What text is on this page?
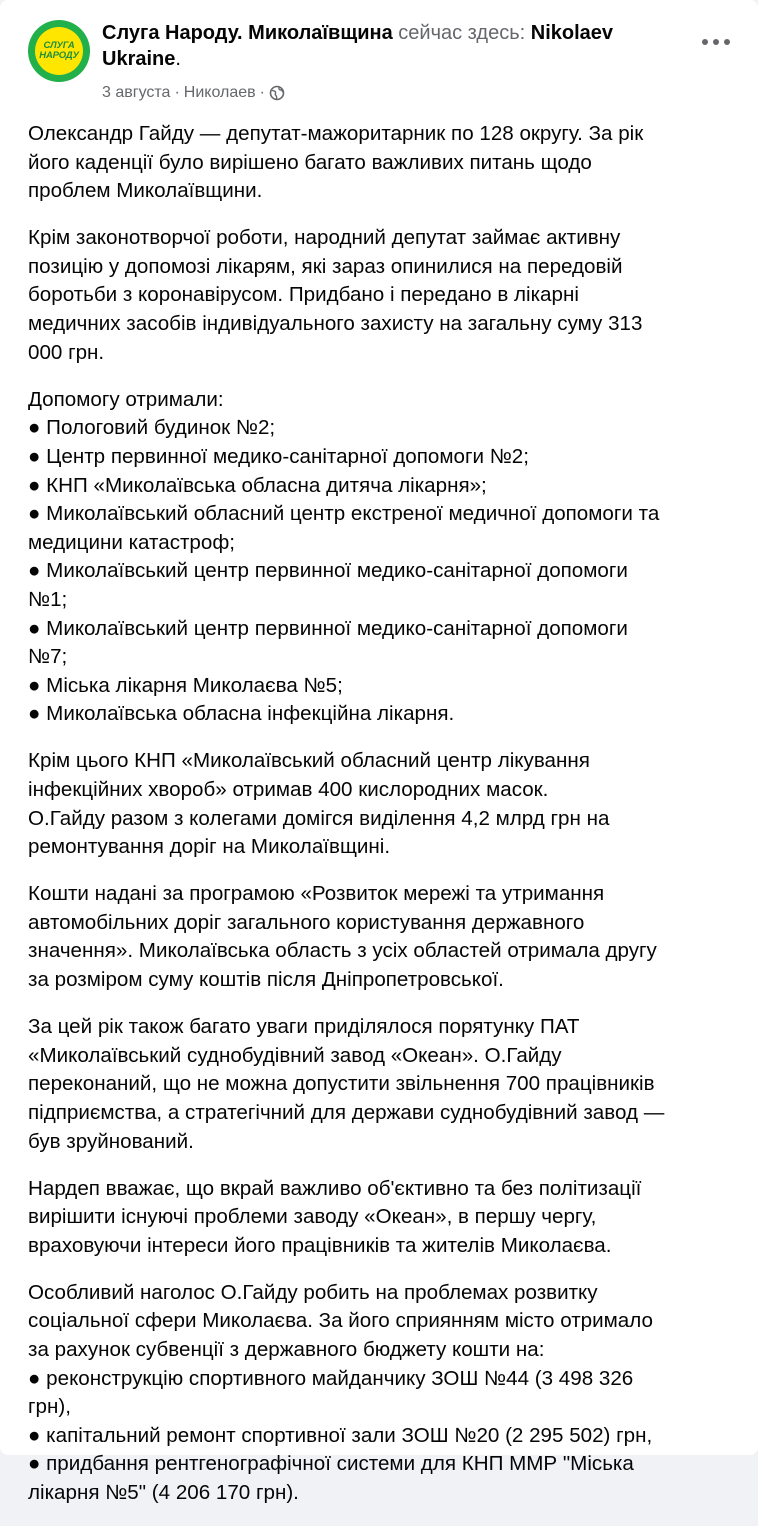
СЛУГА
НАРОДУ
Слуга Народу. Миколаївщина сейчас здесь: Nikolaev
Ukraine.
3 августа · Николаев ·
Олександр Гайду — депутат-мажоритарник по 128 округу. За рік
його каденції було вирішено багато важливих питань щодо
проблем Миколаївщини.
Крім законотворчої роботи, народний депутат займає активну
позицію у допомозі лікарям, які зараз опинилися на передовій
боротьби з коронавірусом. Придбано і передано в лікарні
медичних засобів індивідуального захисту на загальну суму 313
000 грн.
Допомогу отримали:
● Пологовий будинок №2;
● Центр первинної медико-санітарної допомоги №2;
● КНП «Миколаївська обласна дитяча лікарня»;
● Миколаївський обласний центр екстреної медичної допомоги та
медицини катастроф;
● Миколаївський центр первинної медико-санітарної допомоги
№1;
● Миколаївський центр первинної медико-санітарної допомоги
№7;
● Міська лікарня Миколаєва №5;
● Миколаївська обласна інфекційна лікарня.
Крім цього КНП «Миколаївський обласний центр лікування
інфекційних хвороб» отримав 400 кисл​ородних масок.
О.Гайду разом з колегами домігся виділення 4,2 млрд грн на
ремонтування доріг на Миколаївщині.
Кошти надані за програмою «Розвиток мережі та утримання
автомобільних доріг загального користування державного
значення». Миколаївська область з усіх областей отримала другу
за розміром суму коштів після Дніпропетровської.
За цей рік також багато уваги приділялося порятунку ПАТ
«Миколаївський суднобудівний завод «Океан». О.Гайду
переконаний, що не можна допустити звільнення 700 працівників
підприємства, а стратегічний для держави суднобудівний завод —
був зруйнований.
Нардеп вважає, що вкрай важливо об'єктивно та без політизації
вирішити існуючі проблеми заводу «Океан», в першу чергу,
враховуючи інтереси його працівників та жителів Миколаєва.
Особливий наголос О.Гайду робить на проблемах розвитку
соціальної сфери Миколаєва. За його сприянням місто отримало
за рахунок субвенції з державного бюджету кошти на:
● реконструкцію спортивного майданчику ЗОШ №44 (3 498 326
грн),
● капітальний ремонт спортивної зали ЗОШ №20 (2 295 502) грн,
● придбання рентгенографічної системи для КНП ММР "Міська
лікарня №5" (4 206 170 грн).
